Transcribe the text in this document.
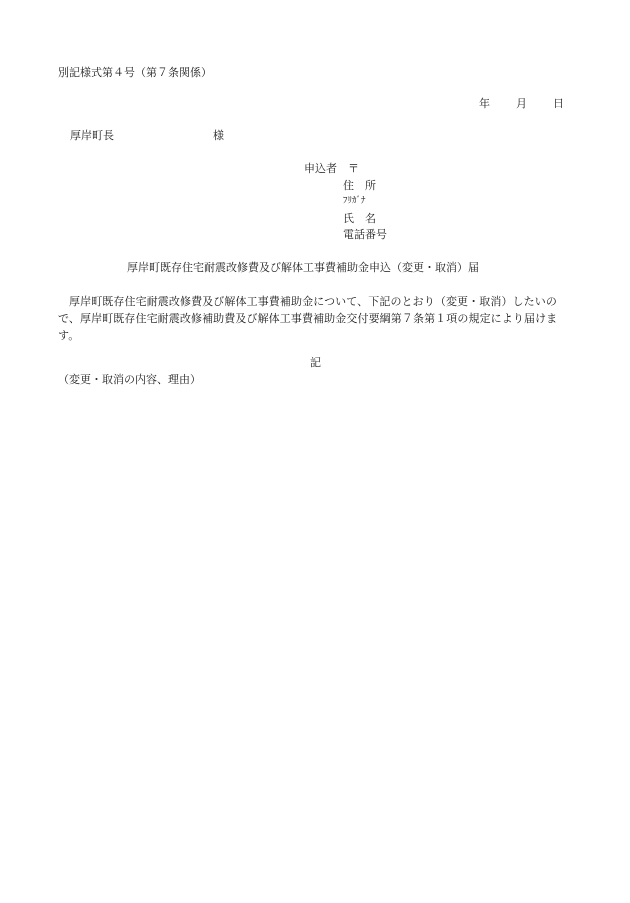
別記様式第４号（第７条関係）
年 月 日
厚岸町長	様
申込者 〒
住　所
ﾌﾘｶﾞﾅ
氏　名
電話番号
厚岸町既存住宅耐震改修費及び解体工事費補助金申込（変更・取消）届
厚岸町既存住宅耐震改修費及び解体工事費補助金について、下記のとおり（変更・取消）したいので、厚岸町既存住宅耐震改修補助費及び解体工事費補助金交付要綱第７条第１項の規定により届けます。
記
（変更・取消の内容、理由）
